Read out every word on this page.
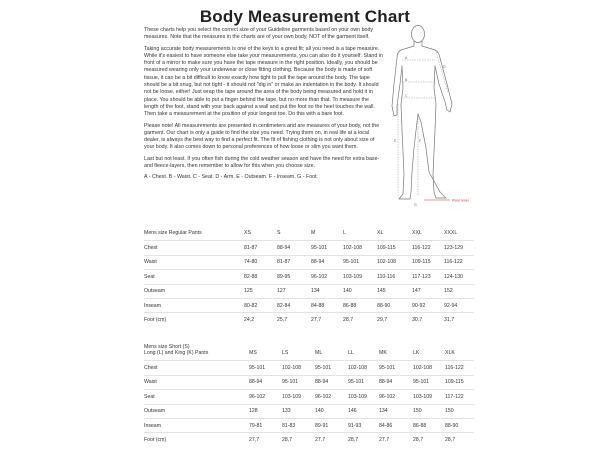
Body Measurement Chart

These charts help you select the correct size of your Guideline garments based on your own body measures. Note that the measures in the charts are of your own body, NOT of the garment itself.

Taking accurate body measurements is one of the keys to a great fit; all you need is a tape measure. While it's easiest to have someone else take your measurements, you can also do it yourself. Stand in front of a mirror to make sure you have the tape measure in the right position. Ideally, you should be measured wearing only your underwear or close fitting clothing. Because the body is made of soft tissue, it can be a bit difficult to know exactly how tight to pull the tape around the body. The tape should be a bit snug, but not tight - it should not "dig in" or make an indentation in the body. It should not be loose, either! Just wrap the tape around the area of the body being measured and hold it in place. You should be able to put a finger behind the tape, but no more than that. To measure the length of the foot, stand with your back against a wall and put the foot so the heel touches the wall. Then take a measurement at the position of your longest toe. Do this with a bare foot.

Please note! All measurements are presented in centimeters and are measures of your body, not the garment. Our chart is only a guide to find the size you need. Trying them on, in real life at a local dealer, is always the best way to find a perfect fit. The fit of fishing clothing is not only about size of your body. It also comes down to personal preferences of how loose or slim you want them.

Last but not least. If you often fish during the cold weather season and have the need for extra base- and fleece-layers, then remember to allow for this when you choose size.

A - Chest. B - Waist. C - Seat. D - Arm. E - Outseam. F - Inseam. G - Foot.

Floor level
A
B
C
D
E	F
G
Mens size Regular Pants	XS	S	M	L	XL	XXL	XXXL
Chest	81-87	88-94	95-101	102-108	109-115	116-122	123-129
Waist	74-80	81-87	88-94	95-101	102-108	109-115	116-122
Seat	82-88	89-95	96-102	103-109	110-116	117-123	124-130
Outseam	125	127	134	140	145	147	152
Inseam	80-82	82-84	84-88	86-88	88-90	90-92	92-94
Foot (cm)	24,2	25,7	27,7	28,7	29,7	30,7	31,7
Mens size Short (S)
Long (L) and King (K) Pants	MS	LS	ML	LL	MK	LK	XLK
Chest	95-101	102-108	95-101	102-108	95-101	102-108	116-122
Waist	88-94	95-101	88-94	95-101	88-94	95-101	109-115
Seat	96-102	103-109	96-102	103-109	96-102	103-109	117-122
Outseam	128	133	140	146	134	150	150
Inseam	79-81	81-83	89-91	91-93	84-86	86-88	88-90
Foot (cm)	27,7	28,7	27,7	28,7	27,7	28,7	28,7
